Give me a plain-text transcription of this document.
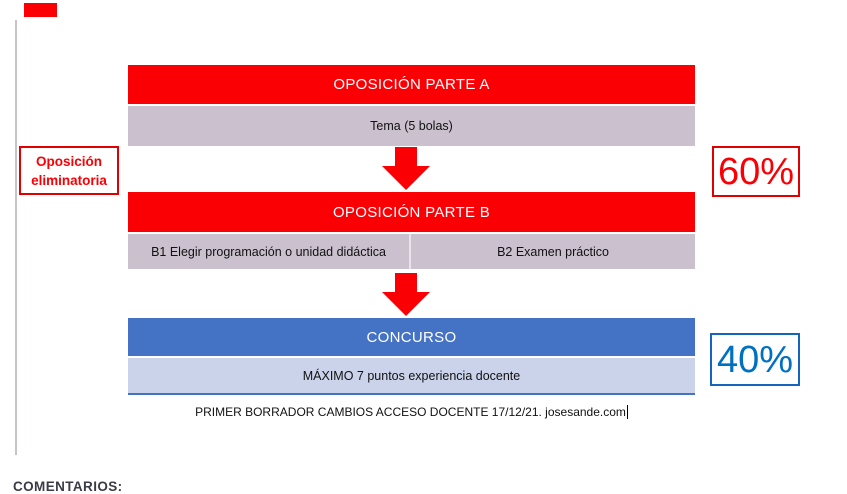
OPOSICIÓN PARTE A
Tema (5 bolas)
Oposición
eliminatoria	60%
OPOSICIÓN PARTE B
B1 Elegir programación o unidad didáctica	B2 Examen práctico
CONCURSO
MÁXIMO 7 puntos experiencia docente	40%
PRIMER BORRADOR CAMBIOS ACCESO DOCENTE 17/12/21. josesande.com
COMENTARIOS:
